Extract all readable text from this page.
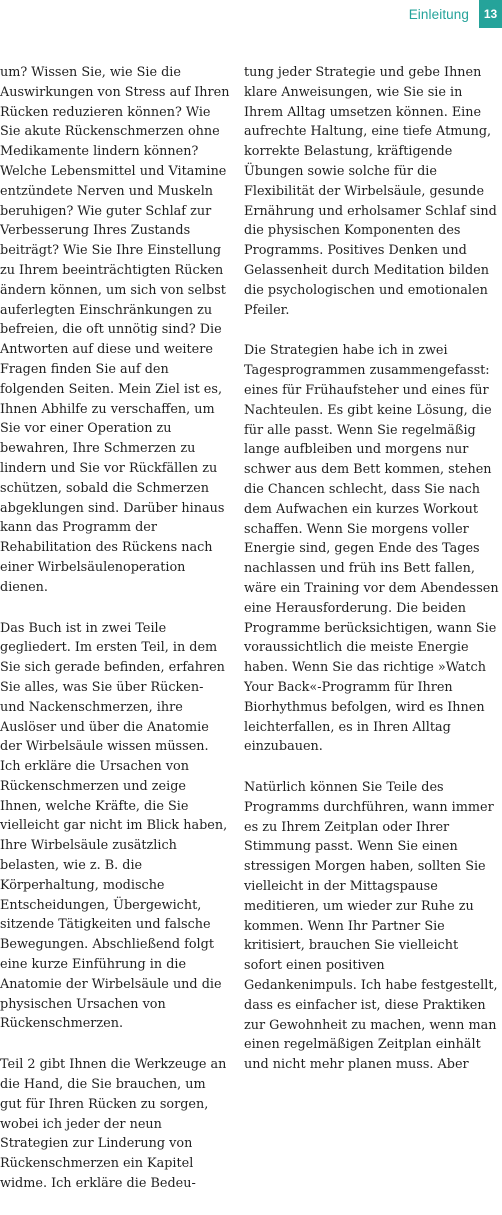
Einleitung	13

um? Wissen Sie, wie Sie die Auswirkungen von Stress auf Ihren Rücken reduzieren können? Wie Sie akute Rückenschmerzen ohne Medikamente lindern können? Welche Lebensmittel und Vitamine entzündete Nerven und Muskeln beruhigen? Wie guter Schlaf zur Verbesserung Ihres Zustands beiträgt? Wie Sie Ihre Einstellung zu Ihrem beeinträchtigten Rücken ändern können, um sich von selbst auferlegten Einschränkungen zu befreien, die oft unnötig sind? Die Antworten auf diese und weitere Fragen finden Sie auf den folgenden Seiten. Mein Ziel ist es, Ihnen Abhilfe zu verschaffen, um Sie vor einer Operation zu bewahren, Ihre Schmerzen zu lindern und Sie vor Rückfällen zu schützen, sobald die Schmerzen abgeklungen sind. Darüber hinaus kann das Programm der Rehabilitation des Rückens nach einer Wirbelsäulenoperation dienen.

Das Buch ist in zwei Teile gegliedert. Im ersten Teil, in dem Sie sich gerade befinden, erfahren Sie alles, was Sie über Rücken- und Nackenschmerzen, ihre Auslöser und über die Anatomie der Wirbelsäule wissen müssen. Ich erkläre die Ursachen von Rückenschmerzen und zeige Ihnen, welche Kräfte, die Sie vielleicht gar nicht im Blick haben, Ihre Wirbelsäule zusätzlich belasten, wie z. B. die Körperhaltung, modische Entscheidungen, Übergewicht, sitzende Tätigkeiten und falsche Bewegungen. Abschließend folgt eine kurze Einführung in die Anatomie der Wirbelsäule und die physischen Ursachen von Rückenschmerzen.

Teil 2 gibt Ihnen die Werkzeuge an die Hand, die Sie brauchen, um gut für Ihren Rücken zu sorgen, wobei ich jeder der neun Strategien zur Linderung von Rückenschmerzen ein Kapitel widme. Ich erkläre die Bedeu-

tung jeder Strategie und gebe Ihnen klare Anweisungen, wie Sie sie in Ihrem Alltag umsetzen können. Eine aufrechte Haltung, eine tiefe Atmung, korrekte Belastung, kräftigende Übungen sowie solche für die Flexibilität der Wirbelsäule, gesunde Ernährung und erholsamer Schlaf sind die physischen Komponenten des Programms. Positives Denken und Gelassenheit durch Meditation bilden die psychologischen und emotionalen Pfeiler.

Die Strategien habe ich in zwei Tagesprogrammen zusammengefasst: eines für Frühaufsteher und eines für Nachteulen. Es gibt keine Lösung, die für alle passt. Wenn Sie regelmäßig lange aufbleiben und morgens nur schwer aus dem Bett kommen, stehen die Chancen schlecht, dass Sie nach dem Aufwachen ein kurzes Workout schaffen. Wenn Sie morgens voller Energie sind, gegen Ende des Tages nachlassen und früh ins Bett fallen, wäre ein Training vor dem Abendessen eine Herausforderung. Die beiden Programme berücksichtigen, wann Sie voraussichtlich die meiste Energie haben. Wenn Sie das richtige »Watch Your Back«-Programm für Ihren Biorhythmus befolgen, wird es Ihnen leichterfallen, es in Ihren Alltag einzubauen.

Natürlich können Sie Teile des Programms durchführen, wann immer es zu Ihrem Zeitplan oder Ihrer Stimmung passt. Wenn Sie einen stressigen Morgen haben, sollten Sie vielleicht in der Mittagspause meditieren, um wieder zur Ruhe zu kommen. Wenn Ihr Partner Sie kritisiert, brauchen Sie vielleicht sofort einen positiven Gedankenimpuls. Ich habe festgestellt, dass es einfacher ist, diese Praktiken zur Gewohnheit zu machen, wenn man einen regelmäßigen Zeitplan einhält und nicht mehr planen muss. Aber
